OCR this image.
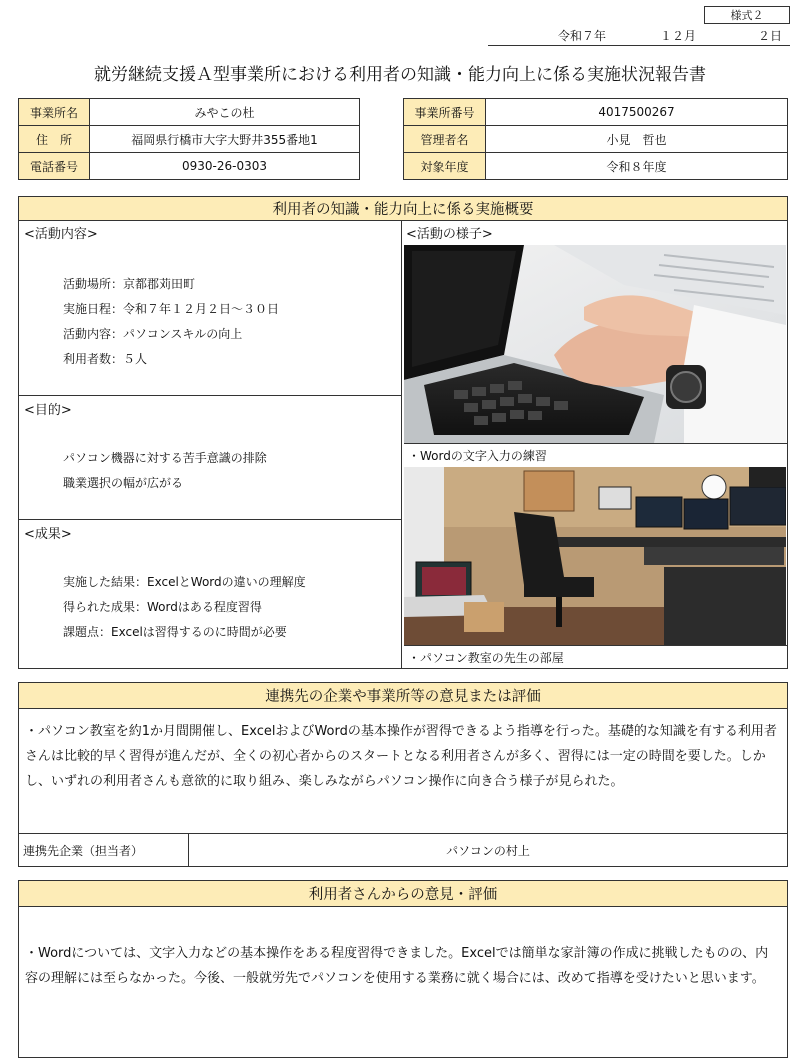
様式２
令和７年	１２月	２日
就労継続支援Ａ型事業所における利用者の知識・能力向上に係る実施状況報告書
事業所名	みやこの杜
住　所	福岡県行橋市大字大野井355番地1
電話番号	0930-26-0303
事業所番号	4017500267
管理者名	小見　哲也
対象年度	令和８年度
利用者の知識・能力向上に係る実施概要
<活動内容>
活動場所：京都郡苅田町
実施日程：令和７年１２月２日～３０日
活動内容：パソコンスキルの向上
利用者数：５人
<目的>
パソコン機器に対する苦手意識の排除
職業選択の幅が広がる
<成果>
実施した結果：ExcelとWordの違いの理解度
得られた成果：Wordはある程度習得
課題点：Excelは習得するのに時間が必要
<活動の様子>
・Wordの文字入力の練習
・パソコン教室の先生の部屋
連携先の企業や事業所等の意見または評価
・パソコン教室を約1か月間開催し、ExcelおよびWordの基本操作が習得できるよう指導を行った。基礎的な知識を有する利用者さんは比較的早く習得が進んだが、全くの初心者からのスタートとなる利用者さんが多く、習得には一定の時間を要した。しかし、いずれの利用者さんも意欲的に取り組み、楽しみながらパソコン操作に向き合う様子が見られた。
連携先企業（担当者）	パソコンの村上
利用者さんからの意見・評価
・Wordについては、文字入力などの基本操作をある程度習得できました。Excelでは簡単な家計簿の作成に挑戦したものの、内容の理解には至らなかった。今後、一般就労先でパソコンを使用する業務に就く場合には、改めて指導を受けたいと思います。
